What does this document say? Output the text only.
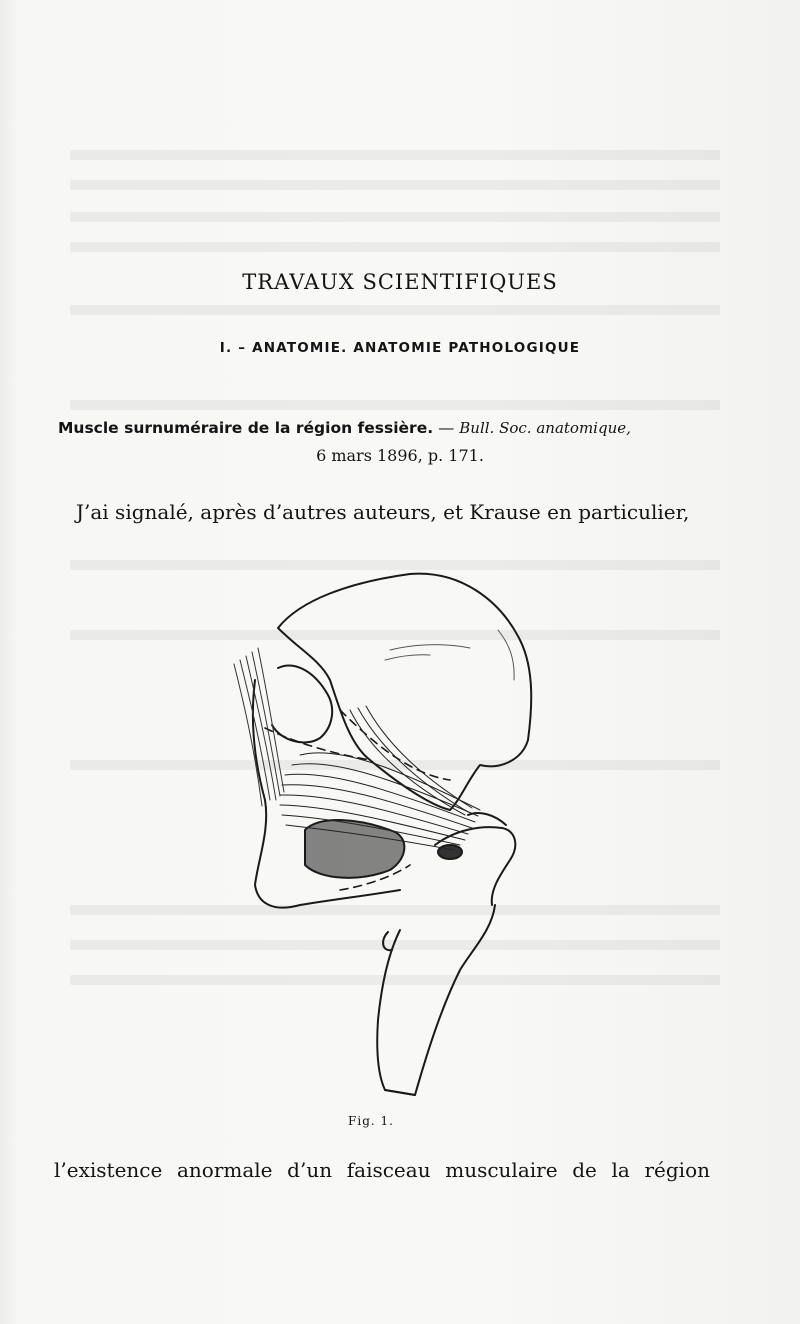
TRAVAUX SCIENTIFIQUES
I. – ANATOMIE. ANATOMIE PATHOLOGIQUE
Muscle surnuméraire de la région fessière. — Bull. Soc. anatomique,
6 mars 1896, p. 171.
J’ai signalé, après d’autres auteurs, et Krause en particulier,
Fig. 1.
l’existence anormale d’un faisceau musculaire de la région
